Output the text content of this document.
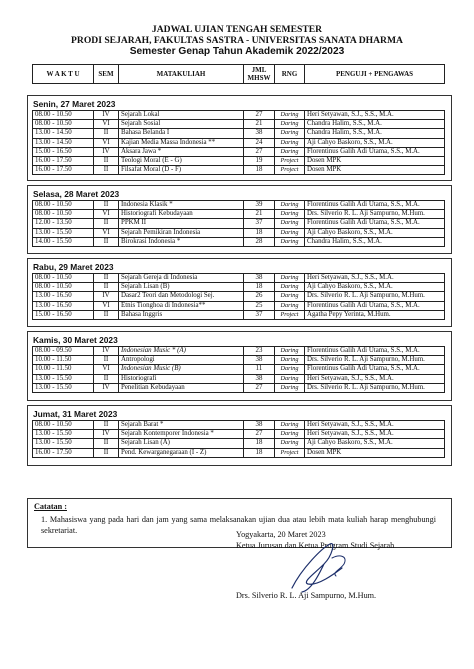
JADWAL UJIAN TENGAH SEMESTER
PRODI SEJARAH, FAKULTAS SASTRA - UNIVERSITAS SANATA DHARMA
Semester Genap Tahun Akademik 2022/2023
W A K T U	SEM	MATAKULIAH	JML MHSW	RNG	PENGUJI + PENGAWAS
Senin, 27 Maret 2023
08.00 - 10.50	IV	Sejarah Lokal	27	Daring	Heri Setyawan, S.J., S.S., M.A.
08.00 - 10.50	VI	Sejarah Sosial	21	Daring	Chandra Halim, S.S., M.A.
13.00 - 14.50	II	Bahasa Belanda I	38	Daring	Chandra Halim, S.S., M.A.
13.00 - 14.50	VI	Kajian Media Massa Indonesia **	24	Daring	Aji Cahyo Baskoro, S.S., M.A.
15.00 - 16.50	IV	Aksara Jawa *	27	Daring	Florentinus Galih Adi Utama, S.S., M.A.
16.00 - 17.50	II	Teologi Moral (E - G)	19	Project	Dosen MPK
16.00 - 17.50	II	Filsafat Moral (D - F)	18	Project	Dosen MPK
Selasa, 28 Maret 2023
08.00 - 10.50	II	Indonesia Klasik *	39	Daring	Florentinus Galih Adi Utama, S.S., M.A.
08.00 - 10.50	VI	Historiografi Kebudayaan	21	Daring	Drs. Silverio R. L. Aji Sampurno, M.Hum.
12.00 - 13.50	II	PPKM II	37	Daring	Florentinus Galih Adi Utama, S.S., M.A.
13.00 - 15.50	VI	Sejarah Pemikiran Indonesia	18	Daring	Aji Cahyo Baskoro, S.S., M.A.
14.00 - 15.50	II	Birokrasi Indonesia *	28	Daring	Chandra Halim, S.S., M.A.
Rabu, 29 Maret 2023
08.00 - 10.50	II	Sejarah Gereja di Indonesia	38	Daring	Heri Setyawan, S.J., S.S., M.A.
08.00 - 10.50	II	Sejarah Lisan (B)	18	Daring	Aji Cahyo Baskoro, S.S., M.A.
13.00 - 16.50	IV	Dasar2 Teori dan Metodologi Sej.	26	Daring	Drs. Silverio R. L. Aji Sampurno, M.Hum.
13.00 - 16.50	VI	Etnis Tionghoa di Indonesia**	25	Daring	Florentinus Galih Adi Utama, S.S., M.A.
15.00 - 16.50	II	Bahasa Inggris	37	Project	Agatha Pepy Yerinta, M.Hum.
Kamis, 30 Maret 2023
08.00 - 09.50	IV	Indonesian Music * (A)	23	Daring	Florentinus Galih Adi Utama, S.S., M.A.
10.00 - 11.50	II	Antropologi	38	Daring	Drs. Silverio R. L. Aji Sampurno, M.Hum.
10.00 - 11.50	VI	Indonesian Music (B)	11	Daring	Florentinus Galih Adi Utama, S.S., M.A.
13.00 - 15.50	II	Historiografi	38	Daring	Heri Setyawan, S.J., S.S., M.A.
13.00 - 15.50	IV	Penelitian Kebudayaan	27	Daring	Drs. Silverio R. L. Aji Sampurno, M.Hum.
Jumat, 31 Maret 2023
08.00 - 10.50	II	Sejarah Barat *	38	Daring	Heri Setyawan, S.J., S.S., M.A.
13.00 - 15.50	IV	Sejarah Kontemporer Indonesia *	27	Daring	Heri Setyawan, S.J., S.S., M.A.
13.00 - 15.50	II	Sejarah Lisan (A)	18	Daring	Aji Cahyo Baskoro, S.S., M.A.
16.00 - 17.50	II	Pend. Kewarganegaraan (I - Z)	18	Project	Dosen MPK
Catatan :
1. Mahasiswa yang pada hari dan jam yang sama melaksanakan ujian dua atau lebih mata kuliah harap menghubungi sekretariat.	Yogyakarta, 20 Maret 2023
Ketua Jurusan dan Ketua Program Studi Sejarah
Drs. Silverio R. L. Aji Sampurno, M.Hum.
